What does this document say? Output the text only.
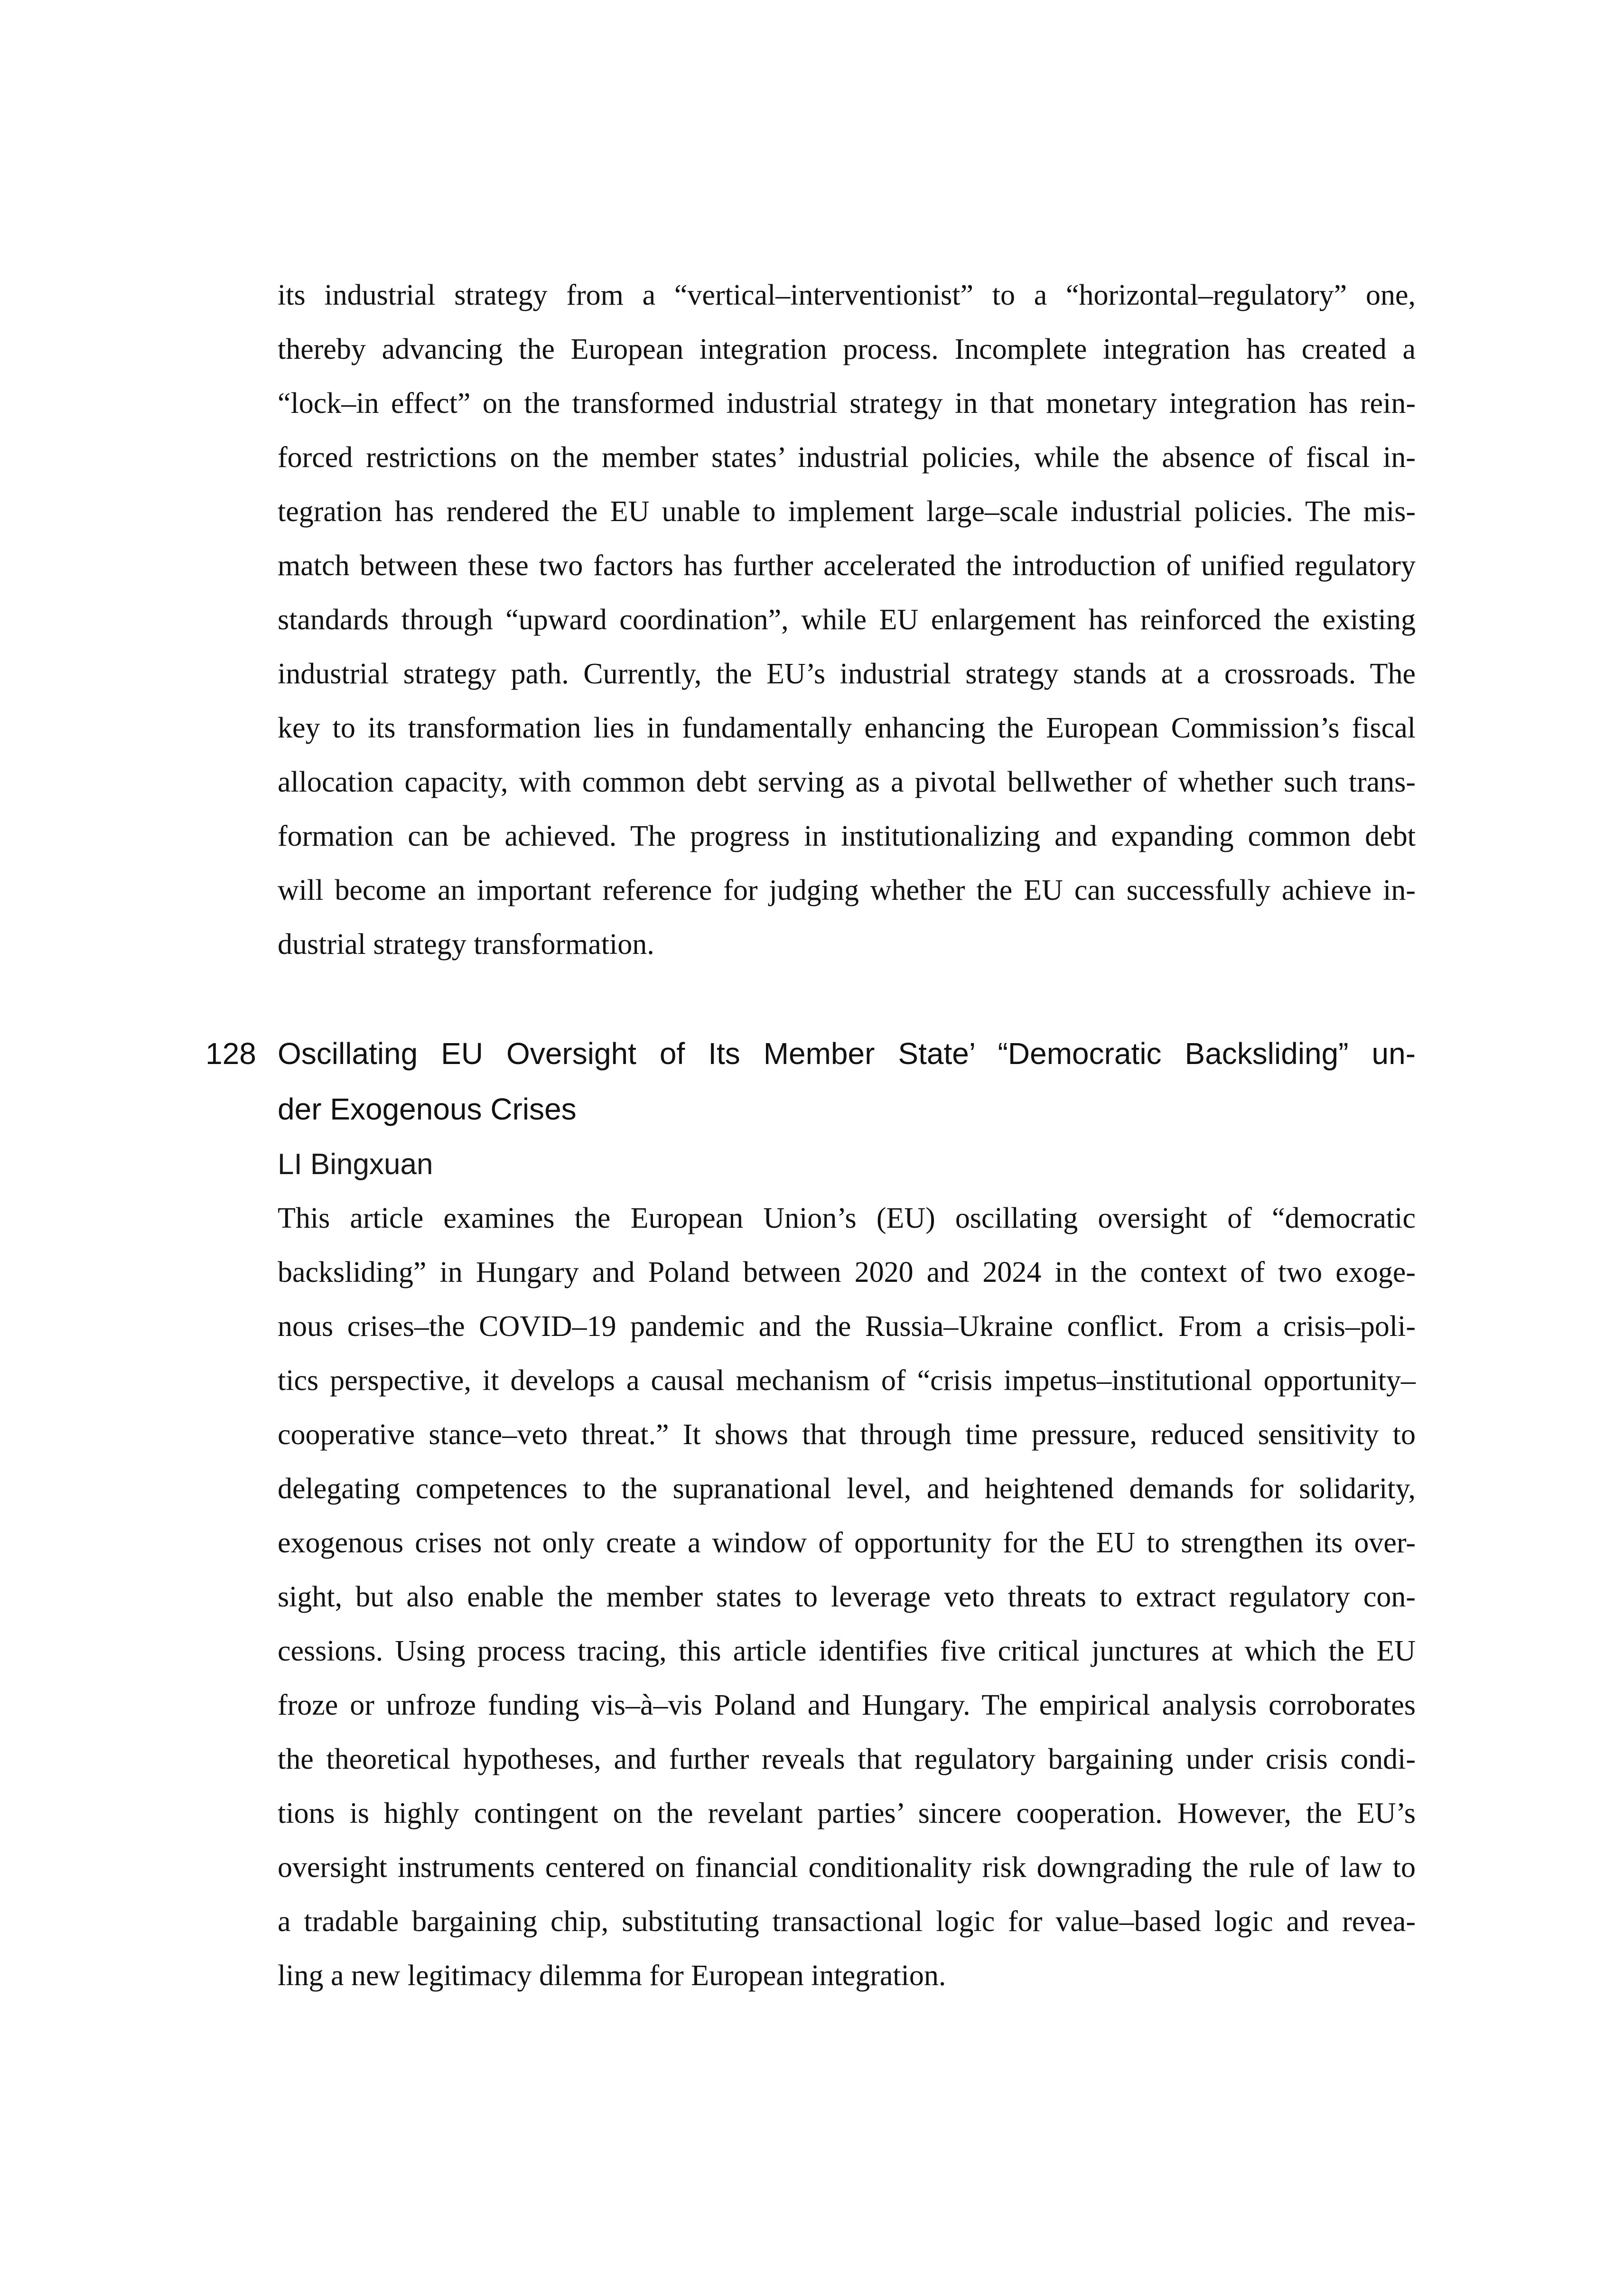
its industrial strategy from a “vertical–interventionist” to a “horizontal–regulatory” one,
thereby advancing the European integration process. Incomplete integration has created a
“lock–in effect” on the transformed industrial strategy in that monetary integration has rein-
forced restrictions on the member states’ industrial policies, while the absence of fiscal in-
tegration has rendered the EU unable to implement large–scale industrial policies. The mis-
match between these two factors has further accelerated the introduction of unified regulatory
standards through “upward coordination”, while EU enlargement has reinforced the existing
industrial strategy path. Currently, the EU’s industrial strategy stands at a crossroads. The
key to its transformation lies in fundamentally enhancing the European Commission’s fiscal
allocation capacity, with common debt serving as a pivotal bellwether of whether such trans-
formation can be achieved. The progress in institutionalizing and expanding common debt
will become an important reference for judging whether the EU can successfully achieve in-
dustrial strategy transformation.
128 Oscillating EU Oversight of Its Member State’ “Democratic Backsliding” un-
der Exogenous Crises
LI Bingxuan
This article examines the European Union’s (EU) oscillating oversight of “democratic
backsliding” in Hungary and Poland between 2020 and 2024 in the context of two exoge-
nous crises–the COVID–19 pandemic and the Russia–Ukraine conflict. From a crisis–poli-
tics perspective, it develops a causal mechanism of “crisis impetus–institutional opportunity–
cooperative stance–veto threat.” It shows that through time pressure, reduced sensitivity to
delegating competences to the supranational level, and heightened demands for solidarity,
exogenous crises not only create a window of opportunity for the EU to strengthen its over-
sight, but also enable the member states to leverage veto threats to extract regulatory con-
cessions. Using process tracing, this article identifies five critical junctures at which the EU
froze or unfroze funding vis–à–vis Poland and Hungary. The empirical analysis corroborates
the theoretical hypotheses, and further reveals that regulatory bargaining under crisis condi-
tions is highly contingent on the revelant parties’ sincere cooperation. However, the EU’s
oversight instruments centered on financial conditionality risk downgrading the rule of law to
a tradable bargaining chip, substituting transactional logic for value–based logic and revea-
ling a new legitimacy dilemma for European integration.
